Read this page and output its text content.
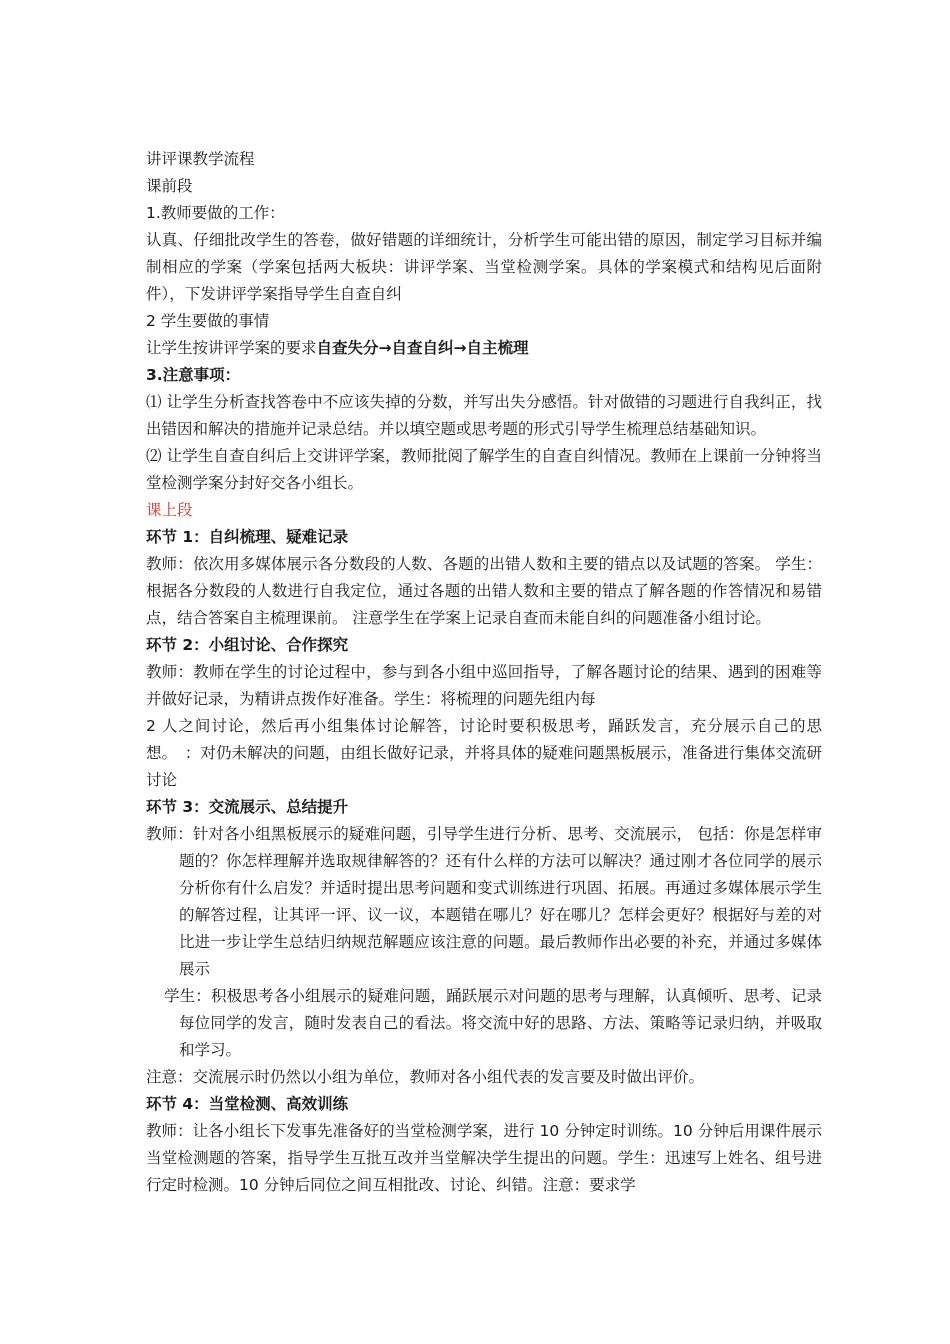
讲评课教学流程

课前段

1.教师要做的工作：

认真、仔细批改学生的答卷，做好错题的详细统计，分析学生可能出错的原因，制定学习目标并编制相应的学案（学案包括两大板块：讲评学案、当堂检测学案。具体的学案模式和结构见后面附件），下发讲评学案指导学生自查自纠

2 学生要做的事情

让学生按讲评学案的要求自查失分→自查自纠→自主梳理

3.注意事项：

⑴ 让学生分析查找答卷中不应该失掉的分数，并写出失分感悟。针对做错的习题进行自我纠正，找出错因和解决的措施并记录总结。并以填空题或思考题的形式引导学生梳理总结基础知识。

⑵ 让学生自查自纠后上交讲评学案，教师批阅了解学生的自查自纠情况。教师在上课前一分钟将当堂检测学案分封好交各小组长。

课上段

环节 1：自纠梳理、疑难记录

教师：依次用多媒体展示各分数段的人数、各题的出错人数和主要的错点以及试题的答案。 学生：根据各分数段的人数进行自我定位，通过各题的出错人数和主要的错点了解各题的作答情况和易错点，结合答案自主梳理课前。 注意学生在学案上记录自查而未能自纠的问题准备小组讨论。

环节 2：小组讨论、合作探究

教师：教师在学生的讨论过程中，参与到各小组中巡回指导，了解各题讨论的结果、遇到的困难等并做好记录，为精讲点拨作好准备。学生：将梳理的问题先组内每

2 人之间讨论，然后再小组集体讨论解答，讨论时要积极思考，踊跃发言，充分展示自己的思想。　：对仍未解决的问题，由组长做好记录，并将具体的疑难问题黑板展示，准备进行集体交流研讨论

环节 3：交流展示、总结提升

教师：针对各小组黑板展示的疑难问题，引导学生进行分析、思考、交流展示， 包括：你是怎样审题的？你怎样理解并选取规律解答的？还有什么样的方法可以解决？通过刚才各位同学的展示分析你有什么启发？并适时提出思考问题和变式训练进行巩固、拓展。再通过多媒体展示学生的解答过程，让其评一评、议一议，本题错在哪儿？好在哪儿？怎样会更好？根据好与差的对比进一步让学生总结归纳规范解题应该注意的问题。最后教师作出必要的补充，并通过多媒体展示

学生：积极思考各小组展示的疑难问题，踊跃展示对问题的思考与理解，认真倾听、思考、记录每位同学的发言，随时发表自己的看法。将交流中好的思路、方法、策略等记录归纳，并吸取和学习。

注意：交流展示时仍然以小组为单位，教师对各小组代表的发言要及时做出评价。

环节 4：当堂检测、高效训练

教师：让各小组长下发事先准备好的当堂检测学案，进行 10 分钟定时训练。10 分钟后用课件展示当堂检测题的答案，指导学生互批互改并当堂解决学生提出的问题。学生：迅速写上姓名、组号进行定时检测。10 分钟后同位之间互相批改、讨论、纠错。注意：要求学
